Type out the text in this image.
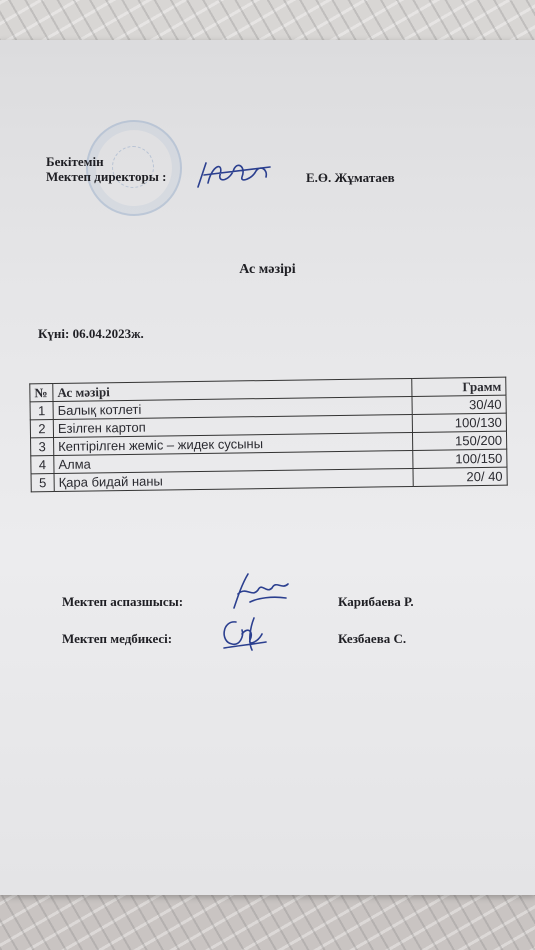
Бекітемін
Мектеп директоры :	Е.Ө. Жұматаев
Ас мәзірі
Күні: 06.04.2023ж.
№	Ас мәзірі	Грамм
1	Балық котлеті	30/40
2	Езілген картоп	100/130
3	Кептірілген жеміс – жидек сусыны	150/200
4	Алма	100/150
5	Қара бидай наны	20/ 40
Мектеп аспазшысы:	Карибаева Р.
Мектеп медбикесі:	Кезбаева С.
